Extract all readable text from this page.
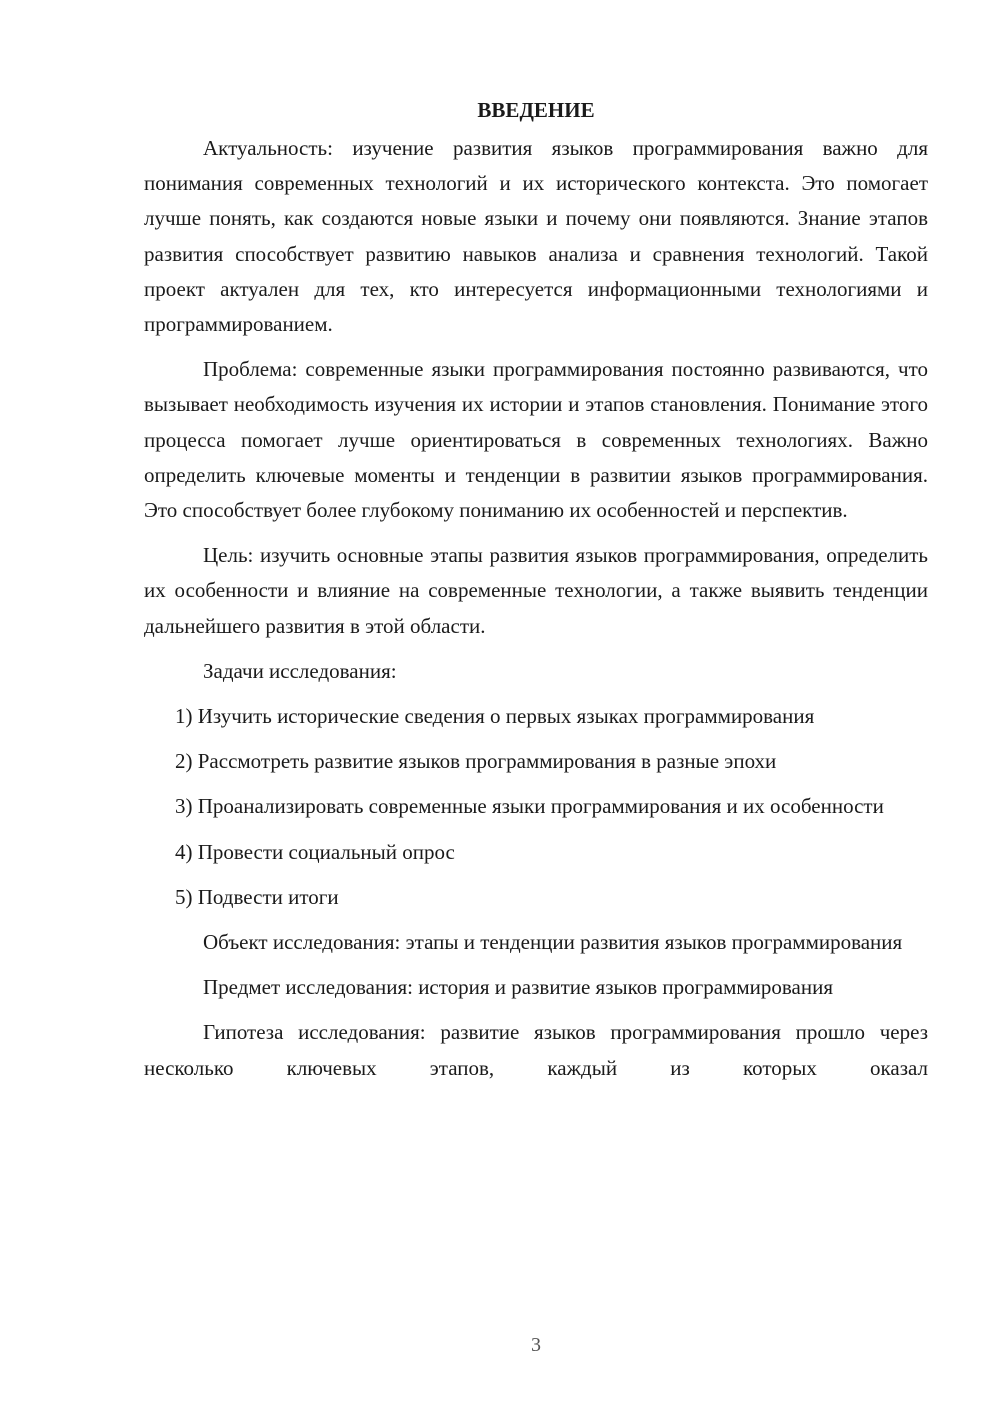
ВВЕДЕНИЕ

Актуальность: изучение развития языков программирования важно для понимания современных технологий и их исторического контекста. Это помогает лучше понять, как создаются новые языки и почему они появляются. Знание этапов развития способствует развитию навыков анализа и сравнения технологий. Такой проект актуален для тех, кто интересуется информационными технологиями и программированием.

Проблема: современные языки программирования постоянно развиваются, что вызывает необходимость изучения их истории и этапов становления. Понимание этого процесса помогает лучше ориентироваться в современных технологиях. Важно определить ключевые моменты и тенденции в развитии языков программирования. Это способствует более глубокому пониманию их особенностей и перспектив.

Цель: изучить основные этапы развития языков программирования, определить их особенности и влияние на современные технологии, а также выявить тенденции дальнейшего развития в этой области.

Задачи исследования:

1) Изучить исторические сведения о первых языках программирования

2) Рассмотреть развитие языков программирования в разные эпохи

3) Проанализировать современные языки программирования и их особенности

4) Провести социальный опрос

5) Подвести итоги

Объект исследования: этапы и тенденции развития языков программирования

Предмет исследования: история и развитие языков программирования

Гипотеза исследования: развитие языков программирования прошло через несколько ключевых этапов, каждый из которых оказал

3
